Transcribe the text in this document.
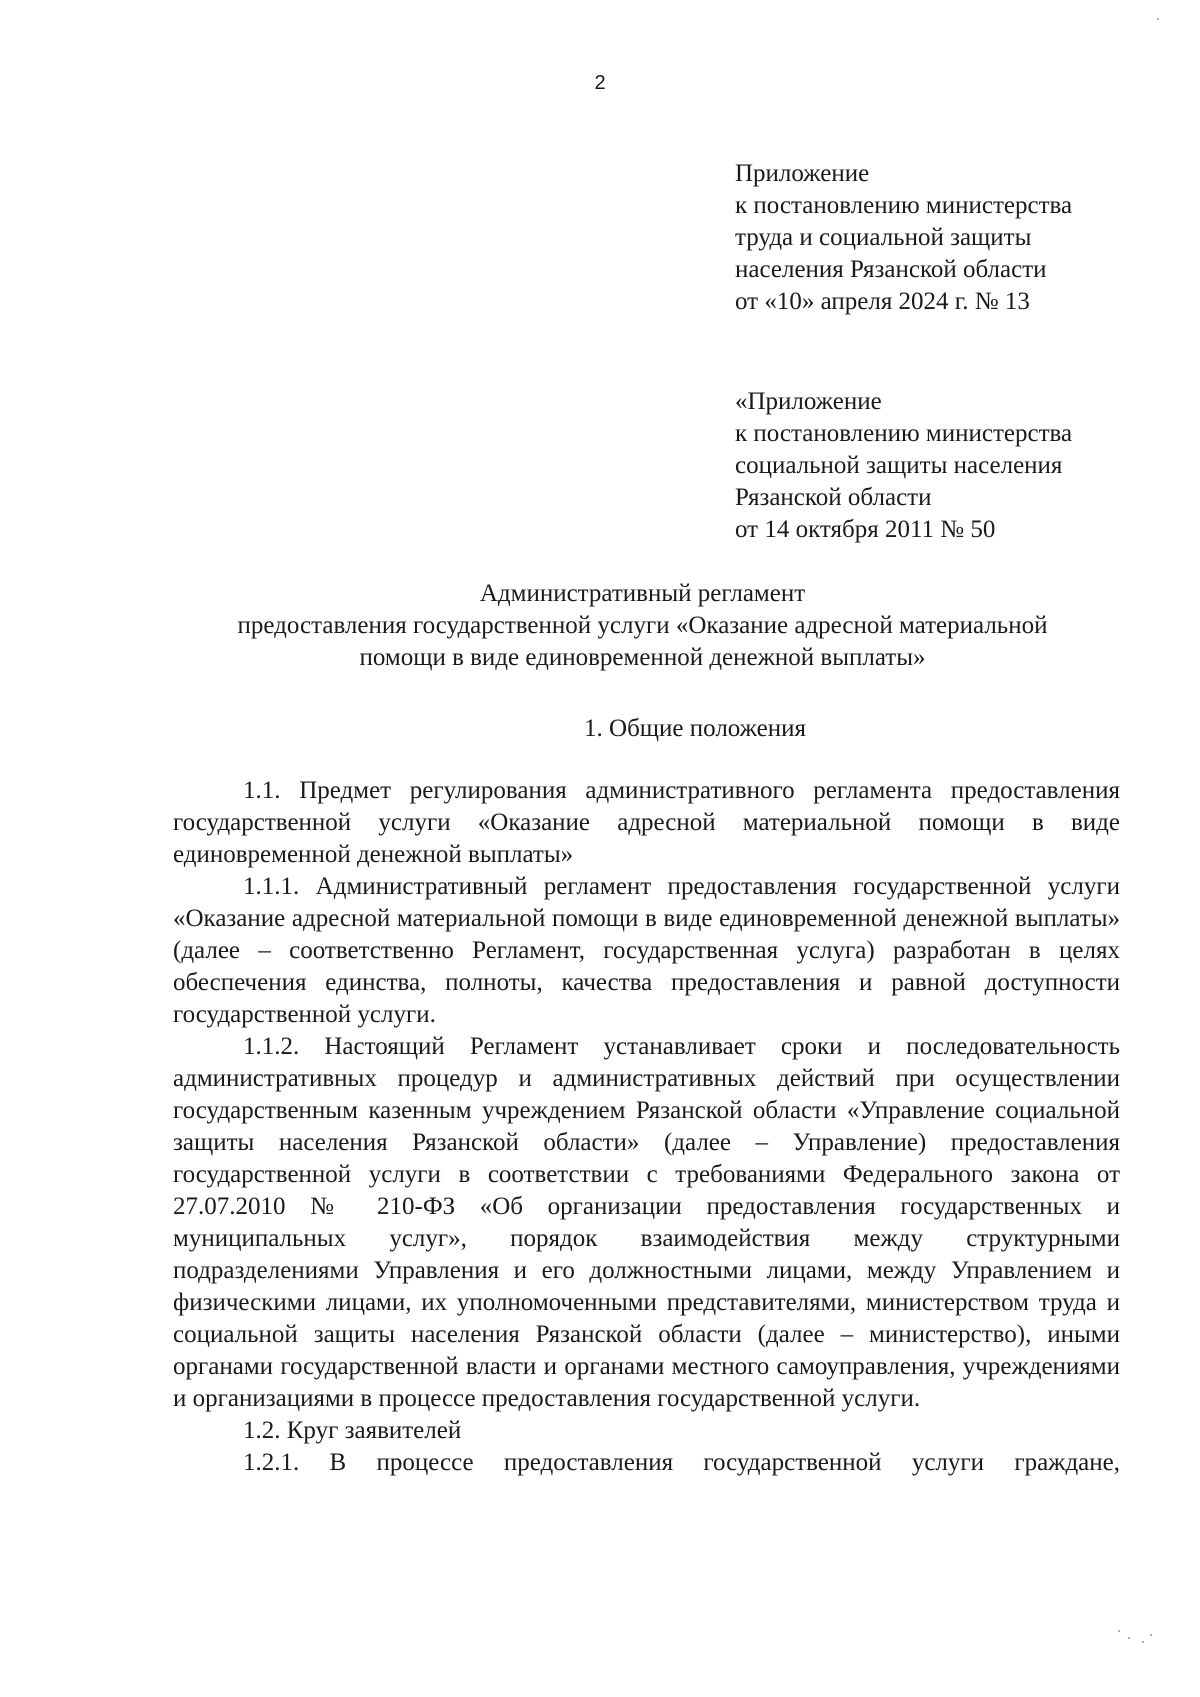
2
Приложение
к постановлению министерства
труда и социальной защиты
населения Рязанской области
от «10» апреля 2024 г. № 13
«Приложение
к постановлению министерства
социальной защиты населения
Рязанской области
от 14 октября 2011 № 50
Административный регламент
предоставления государственной услуги «Оказание адресной материальной
помощи в виде единовременной денежной выплаты»
1. Общие положения

1.1. Предмет регулирования административного регламента предоставления государственной услуги «Оказание адресной материальной помощи в виде единовременной денежной выплаты»

1.1.1. Административный регламент предоставления государственной услуги «Оказание адресной материальной помощи в виде единовременной денежной выплаты» (далее – соответственно Регламент, государственная услуга) разработан в целях обеспечения единства, полноты, качества предоставления и равной доступности государственной услуги.

1.1.2. Настоящий Регламент устанавливает сроки и последовательность административных процедур и административных действий при осуществлении государственным казенным учреждением Рязанской области «Управление социальной защиты населения Рязанской области» (далее – Управление) предоставления государственной услуги в соответствии с требованиями Федерального закона от 27.07.2010 № 210-ФЗ «Об организации предоставления государственных и муниципальных услуг», порядок взаимодействия между структурными подразделениями Управления и его должностными лицами, между Управлением и физическими лицами, их уполномоченными представителями, министерством труда и социальной защиты населения Рязанской области (далее – министерство), иными органами государственной власти и органами местного самоуправления, учреждениями и организациями в процессе предоставления государственной услуги.

1.2. Круг заявителей

1.2.1. В процессе предоставления государственной услуги граждане,
